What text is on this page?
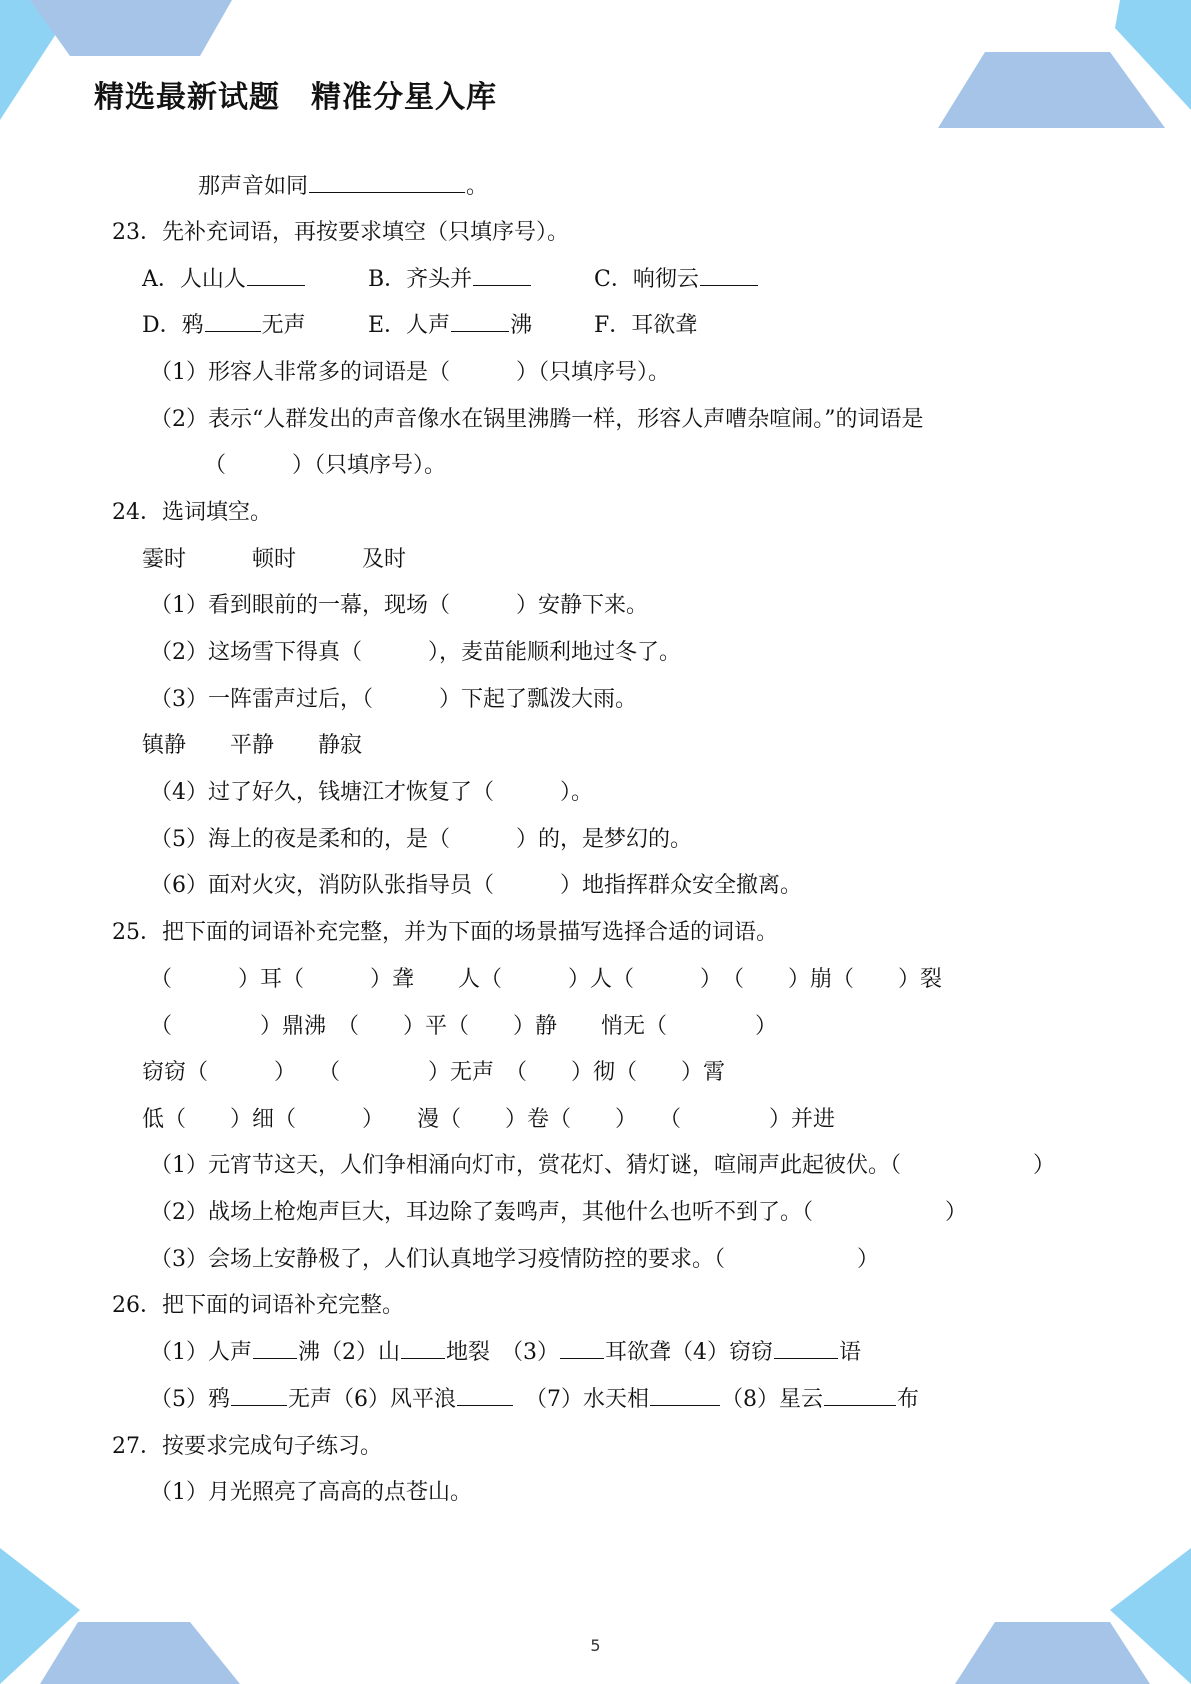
精选最新试题　精准分星入库
那声音如同	。
23．先补充词语，再按要求填空（只填序号）。
A．人山人	B．齐头并	C．响彻云
D．鸦	无声	E．人声	沸	F．耳欲聋
（1）形容人非常多的词语是（　　　）（只填序号）。
（2）表示“人群发出的声音像水在锅里沸腾一样，形容人声嘈杂喧闹。”的词语是
（　　　）（只填序号）。
24．选词填空。
霎时　　　顿时　　　及时
（1）看到眼前的一幕，现场（　　　）安静下来。
（2）这场雪下得真（　　　），麦苗能顺利地过冬了。
（3）一阵雷声过后，（　　　）下起了瓢泼大雨。
镇静　　平静　　静寂
（4）过了好久，钱塘江才恢复了（　　　）。
（5）海上的夜是柔和的，是（　　　）的，是梦幻的。
（6）面对火灾，消防队张指导员（　　　）地指挥群众安全撤离。
25．把下面的词语补充完整，并为下面的场景描写选择合适的词语。
（　　　）耳（　　　）聋　　人（　　　）人（　　　）　（　　）崩（　　）裂
（　　　　）鼎沸　（　　）平（　　）静　　悄无（　　　　）
窃窃（　　　）　　（　　　　）无声　（　　）彻（　　）霄
低（　　）细（　　　）　　漫（　　）卷（　　）　　（　　　　）并进
（1）元宵节这天，人们争相涌向灯市，赏花灯、猜灯谜，喧闹声此起彼伏。（　　　　　　）
（2）战场上枪炮声巨大，耳边除了轰鸣声，其他什么也听不到了。（　　　　　　）
（3）会场上安静极了，人们认真地学习疫情防控的要求。（　　　　　　）
26．把下面的词语补充完整。
（1）人声 沸（2）山 地裂　（3） 耳欲聋（4）窃窃	语
（5）鸦	无声（6）风平浪	　（7）水天相	（8）星云	布
27．按要求完成句子练习。
（1）月光照亮了高高的点苍山。
5
